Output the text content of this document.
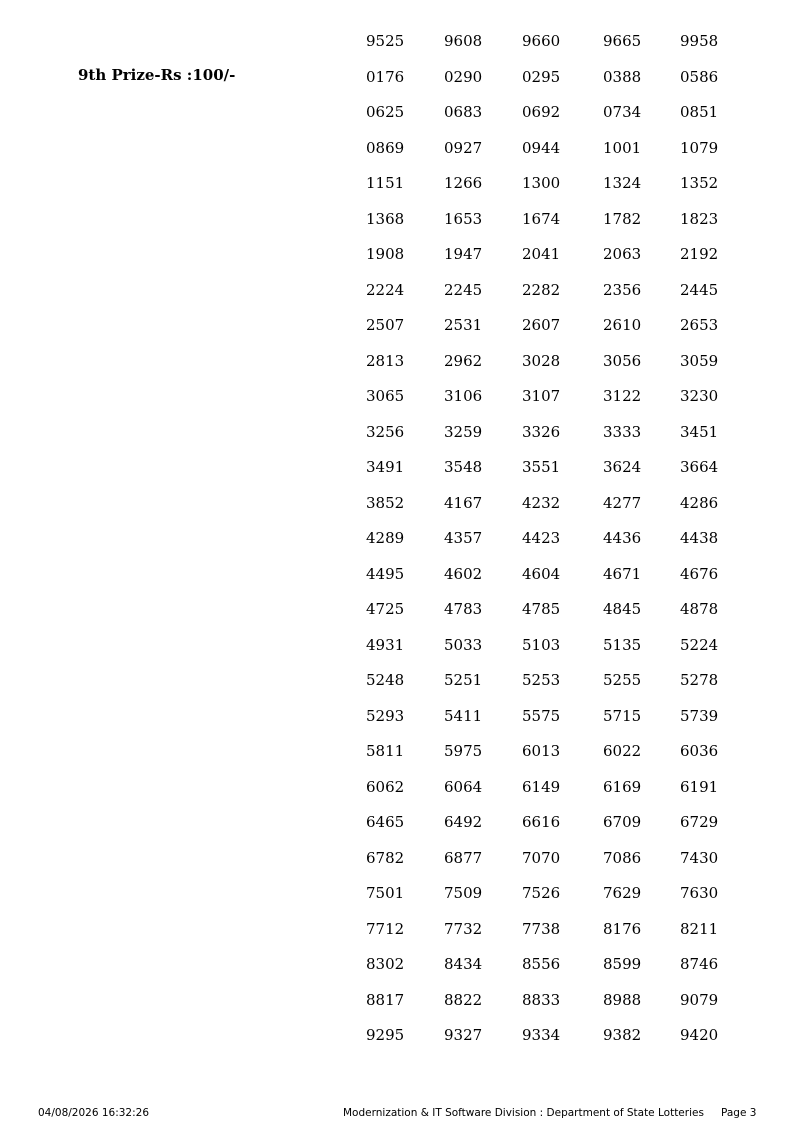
9th Prize-Rs :100/-
9525	9608	9660	9665	9958
0176	0290	0295	0388	0586
0625	0683	0692	0734	0851
0869	0927	0944	1001	1079
1151	1266	1300	1324	1352
1368	1653	1674	1782	1823
1908	1947	2041	2063	2192
2224	2245	2282	2356	2445
2507	2531	2607	2610	2653
2813	2962	3028	3056	3059
3065	3106	3107	3122	3230
3256	3259	3326	3333	3451
3491	3548	3551	3624	3664
3852	4167	4232	4277	4286
4289	4357	4423	4436	4438
4495	4602	4604	4671	4676
4725	4783	4785	4845	4878
4931	5033	5103	5135	5224
5248	5251	5253	5255	5278
5293	5411	5575	5715	5739
5811	5975	6013	6022	6036
6062	6064	6149	6169	6191
6465	6492	6616	6709	6729
6782	6877	7070	7086	7430
7501	7509	7526	7629	7630
7712	7732	7738	8176	8211
8302	8434	8556	8599	8746
8817	8822	8833	8988	9079
9295	9327	9334	9382	9420
04/08/2026 16:32:26	Modernization & IT Software Division : Department of State Lotteries Page 3
